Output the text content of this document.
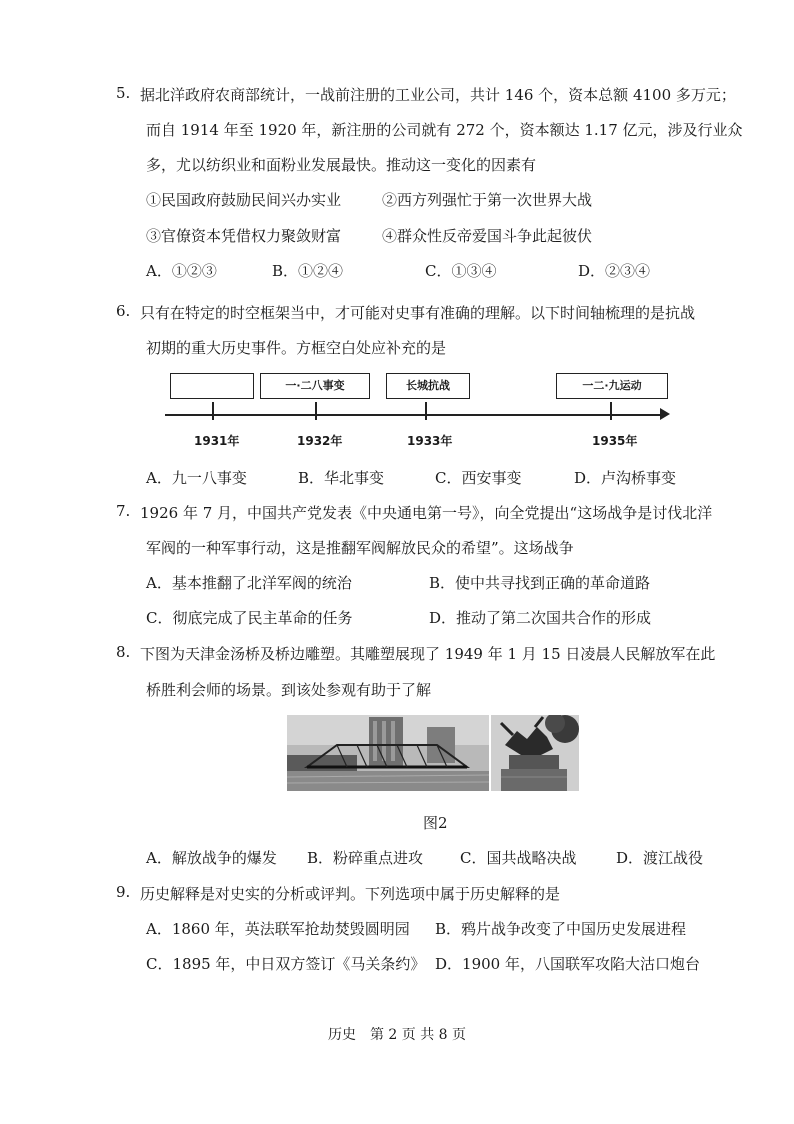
5. 据北洋政府农商部统计，一战前注册的工业公司，共计 146 个，资本总额 4100 多万元；
而自 1914 年至 1920 年，新注册的公司就有 272 个，资本额达 1.17 亿元，涉及行业众
多，尤以纺织业和面粉业发展最快。推动这一变化的因素有
①民国政府鼓励民间兴办实业	②西方列强忙于第一次世界大战
③官僚资本凭借权力聚敛财富	④群众性反帝爱国斗争此起彼伏
A．①②③	B．①②④	C．①③④	D．②③④
6. 只有在特定的时空框架当中，才可能对史事有准确的理解。以下时间轴梳理的是抗战
初期的重大历史事件。方框空白处应补充的是
一·二八事变	长城抗战	一二·九运动
1931年	1932年	1933年	1935年
A．九一八事变	B．华北事变	C．西安事变	D．卢沟桥事变
7. 1926 年 7 月，中国共产党发表《中央通电第一号》，向全党提出“这场战争是讨伐北洋
军阀的一种军事行动，这是推翻军阀解放民众的希望”。这场战争
A．基本推翻了北洋军阀的统治	B．使中共寻找到正确的革命道路
C．彻底完成了民主革命的任务	D．推动了第二次国共合作的形成
8. 下图为天津金汤桥及桥边雕塑。其雕塑展现了 1949 年 1 月 15 日凌晨人民解放军在此
桥胜利会师的场景。到该处参观有助于了解
图2
A．解放战争的爆发 B．粉碎重点进攻 C．国共战略决战	D．渡江战役
9. 历史解释是对史实的分析或评判。下列选项中属于历史解释的是
A．1860 年，英法联军抢劫焚毁圆明园 B．鸦片战争改变了中国历史发展进程
C．1895 年，中日双方签订《马关条约》 D．1900 年，八国联军攻陷大沽口炮台
历史　第 2 页 共 8 页
